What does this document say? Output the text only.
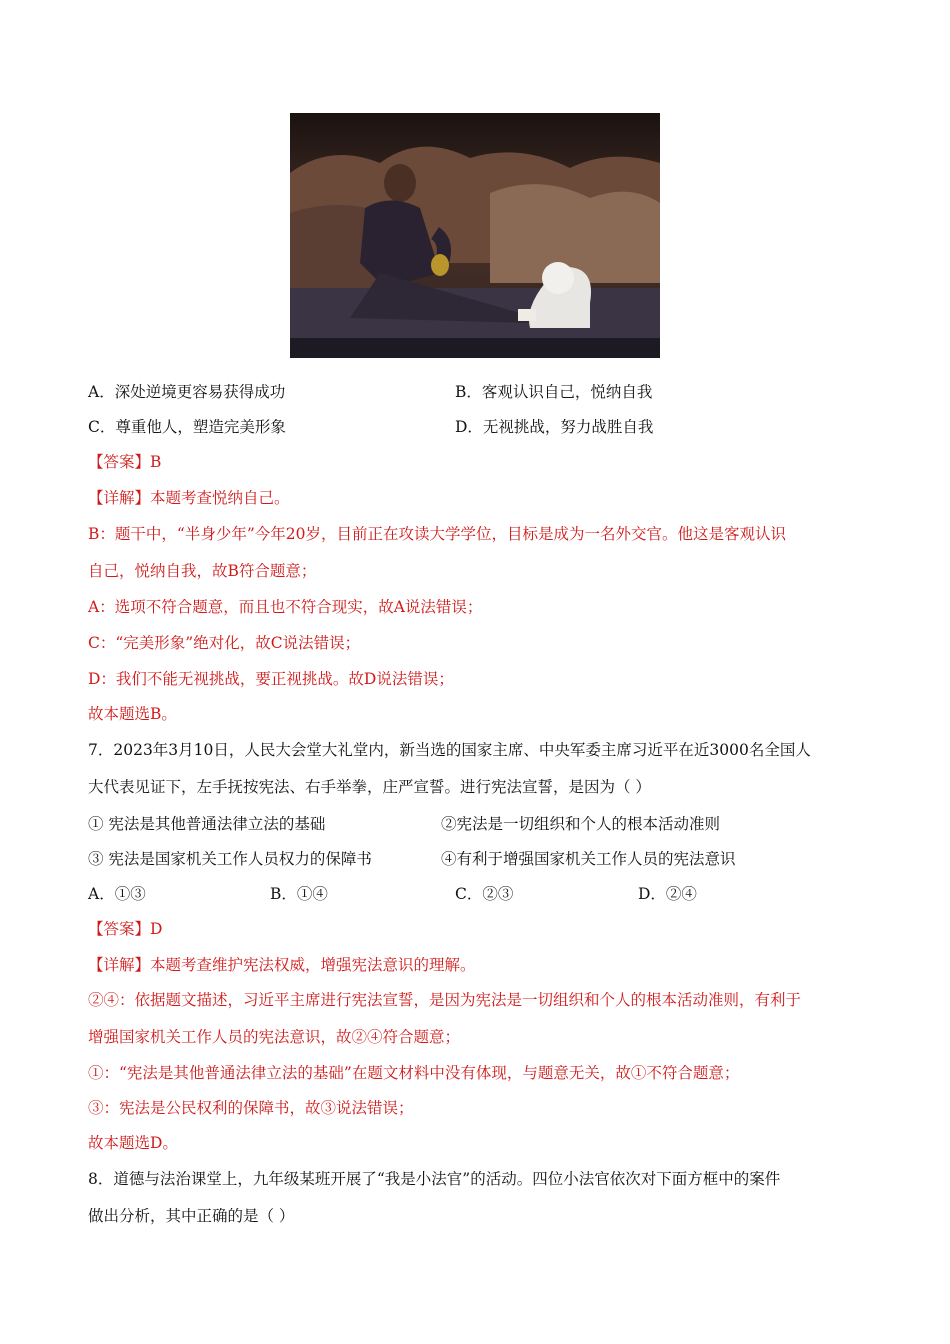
A．深处逆境更容易获得成功	B．客观认识自己，悦纳自我
C．尊重他人，塑造完美形象	D．无视挑战，努力战胜自我
【答案】B
【详解】本题考查悦纳自己。
B：题干中，“半身少年”今年20岁，目前正在攻读大学学位，目标是成为一名外交官。他这是客观认识
自己，悦纳自我，故B符合题意；
A：选项不符合题意，而且也不符合现实，故A说法错误；
C：“完美形象”绝对化，故C说法错误；
D：我们不能无视挑战，要正视挑战。故D说法错误；
故本题选B。
7．2023年3月10日，人民大会堂大礼堂内，新当选的国家主席、中央军委主席习近平在近3000名全国人
大代表见证下，左手抚按宪法、右手举拳，庄严宣誓。进行宪法宣誓，是因为（ ）
① 宪法是其他普通法律立法的基础	②宪法是一切组织和个人的根本活动准则
③ 宪法是国家机关工作人员权力的保障书	④有利于增强国家机关工作人员的宪法意识
A．①③	B．①④	C．②③	D．②④
【答案】D
【详解】本题考查维护宪法权威，增强宪法意识的理解。
②④：依据题文描述，习近平主席进行宪法宣誓，是因为宪法是一切组织和个人的根本活动准则，有利于
增强国家机关工作人员的宪法意识，故②④符合题意；
①：“宪法是其他普通法律立法的基础”在题文材料中没有体现，与题意无关，故①不符合题意；
③：宪法是公民权利的保障书，故③说法错误；
故本题选D。
8．道德与法治课堂上，九年级某班开展了“我是小法官”的活动。四位小法官依次对下面方框中的案件
做出分析，其中正确的是（ ）
